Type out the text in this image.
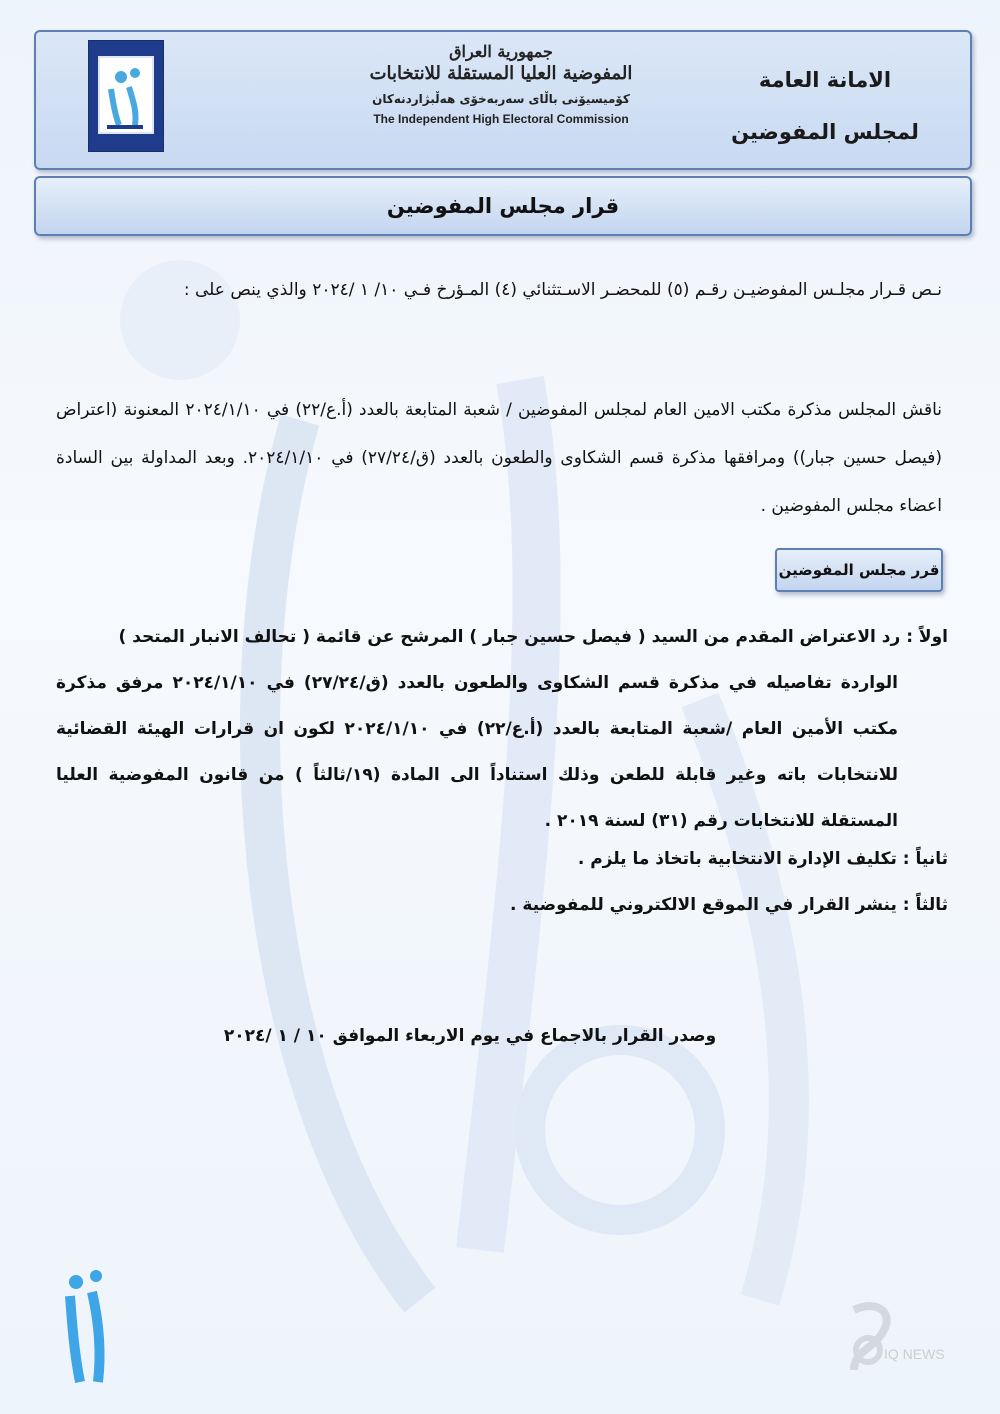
جمهورية العراق
المفوضية العليا المستقلة للانتخابات
كۆمیسیۆنی باڵای سەربەخۆی هەڵبژاردنەکان
The Independent High Electoral Commission
الامانة العامة
لمجلس المفوضين
قرار مجلس المفوضين
نـص قـرار مجلـس المفوضيـن رقـم (٥) للمحضـر الاسـتثنائي (٤) المـؤرخ فـي ١٠/ ١ /٢٠٢٤ والذي ينص على :
ناقش المجلس مذكرة مكتب الامين العام لمجلس المفوضين / شعبة المتابعة بالعدد (أ.ع/٢٢) في ٢٠٢٤/١/١٠ المعنونة (اعتراض (فيصل حسين جبار)) ومرافقها مذكرة قسم الشكاوى والطعون بالعدد (ق/٢٧/٢٤) في ٢٠٢٤/١/١٠. وبعد المداولة بين السادة اعضاء مجلس المفوضين .
قرر مجلس المفوضين
اولاً : رد الاعتراض المقدم من السيد ( فيصل حسين جبار ) المرشح عن قائمة ( تحالف الانبار المتحد )
الواردة تفاصيله في مذكرة قسم الشكاوى والطعون بالعدد (ق/٢٧/٢٤) في ٢٠٢٤/١/١٠ مرفق مذكرة مكتب الأمين العام /شعبة المتابعة بالعدد (أ.ع/٢٢) في ٢٠٢٤/١/١٠ لكون ان قرارات الهيئة القضائية للانتخابات باته وغير قابلة للطعن وذلك استناداً الى المادة (١٩/ثالثاً ) من قانون المفوضية العليا المستقلة للانتخابات رقم (٣١) لسنة ٢٠١٩ .
ثانياً : تكليف الإدارة الانتخابية باتخاذ ما يلزم .
ثالثاً : ينشر القرار في الموقع الالكتروني للمفوضية .
وصدر القرار بالاجماع في يوم الاربعاء الموافق ١٠ / ١ /٢٠٢٤
IQ NEWS
